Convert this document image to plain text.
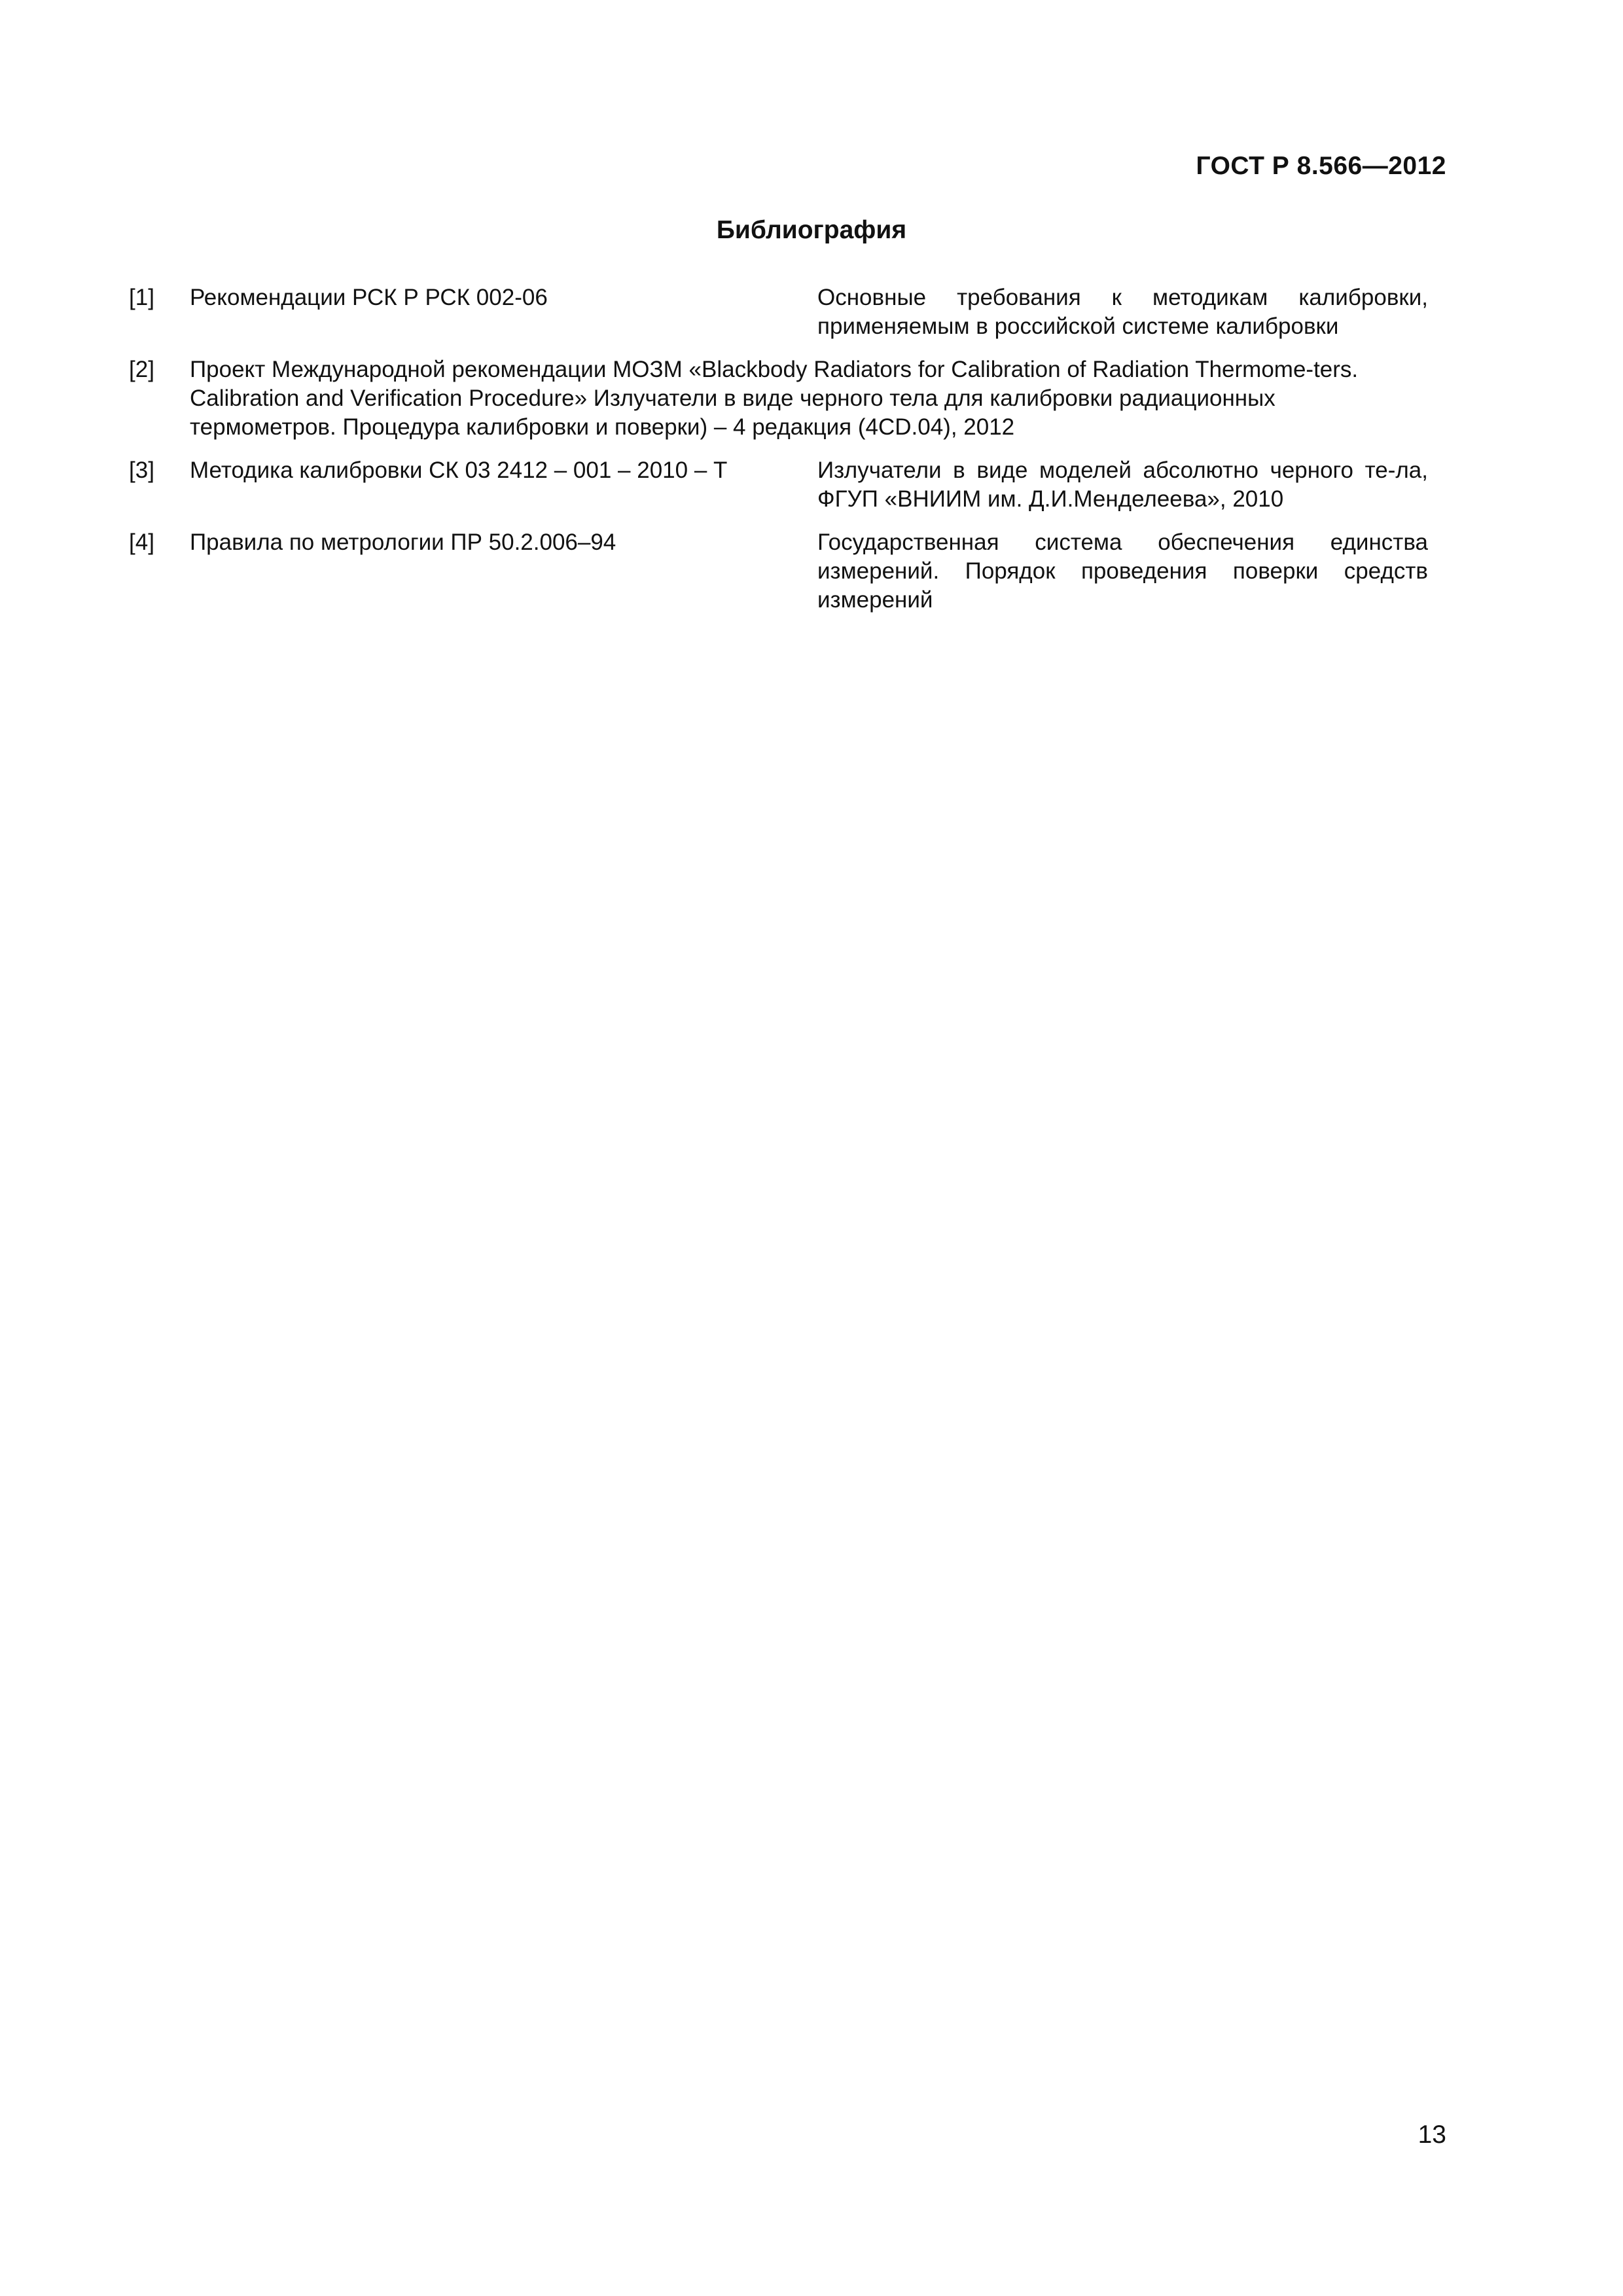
ГОСТ Р 8.566—2012
Библиография
[1]	Рекомендации РСК Р РСК 002-06	Основные требования к методикам калибровки, применяемым в российской системе калибровки
[2]	Проект Международной рекомендации МОЗМ «Blackbody Radiators for Calibration of Radiation Thermome-ters. Calibration and Verification Procedure» Излучатели в виде черного тела для калибровки радиационных термометров. Процедура калибровки и поверки) – 4 редакция (4CD.04), 2012
[3]	Методика калибровки СК 03 2412 – 001 – 2010 – Т	Излучатели в виде моделей абсолютно черного те-ла, ФГУП «ВНИИМ им. Д.И.Менделеева», 2010
[4]	Правила по метрологии ПР 50.2.006–94	Государственная система обеспечения единства измерений. Порядок проведения поверки средств измерений
13
